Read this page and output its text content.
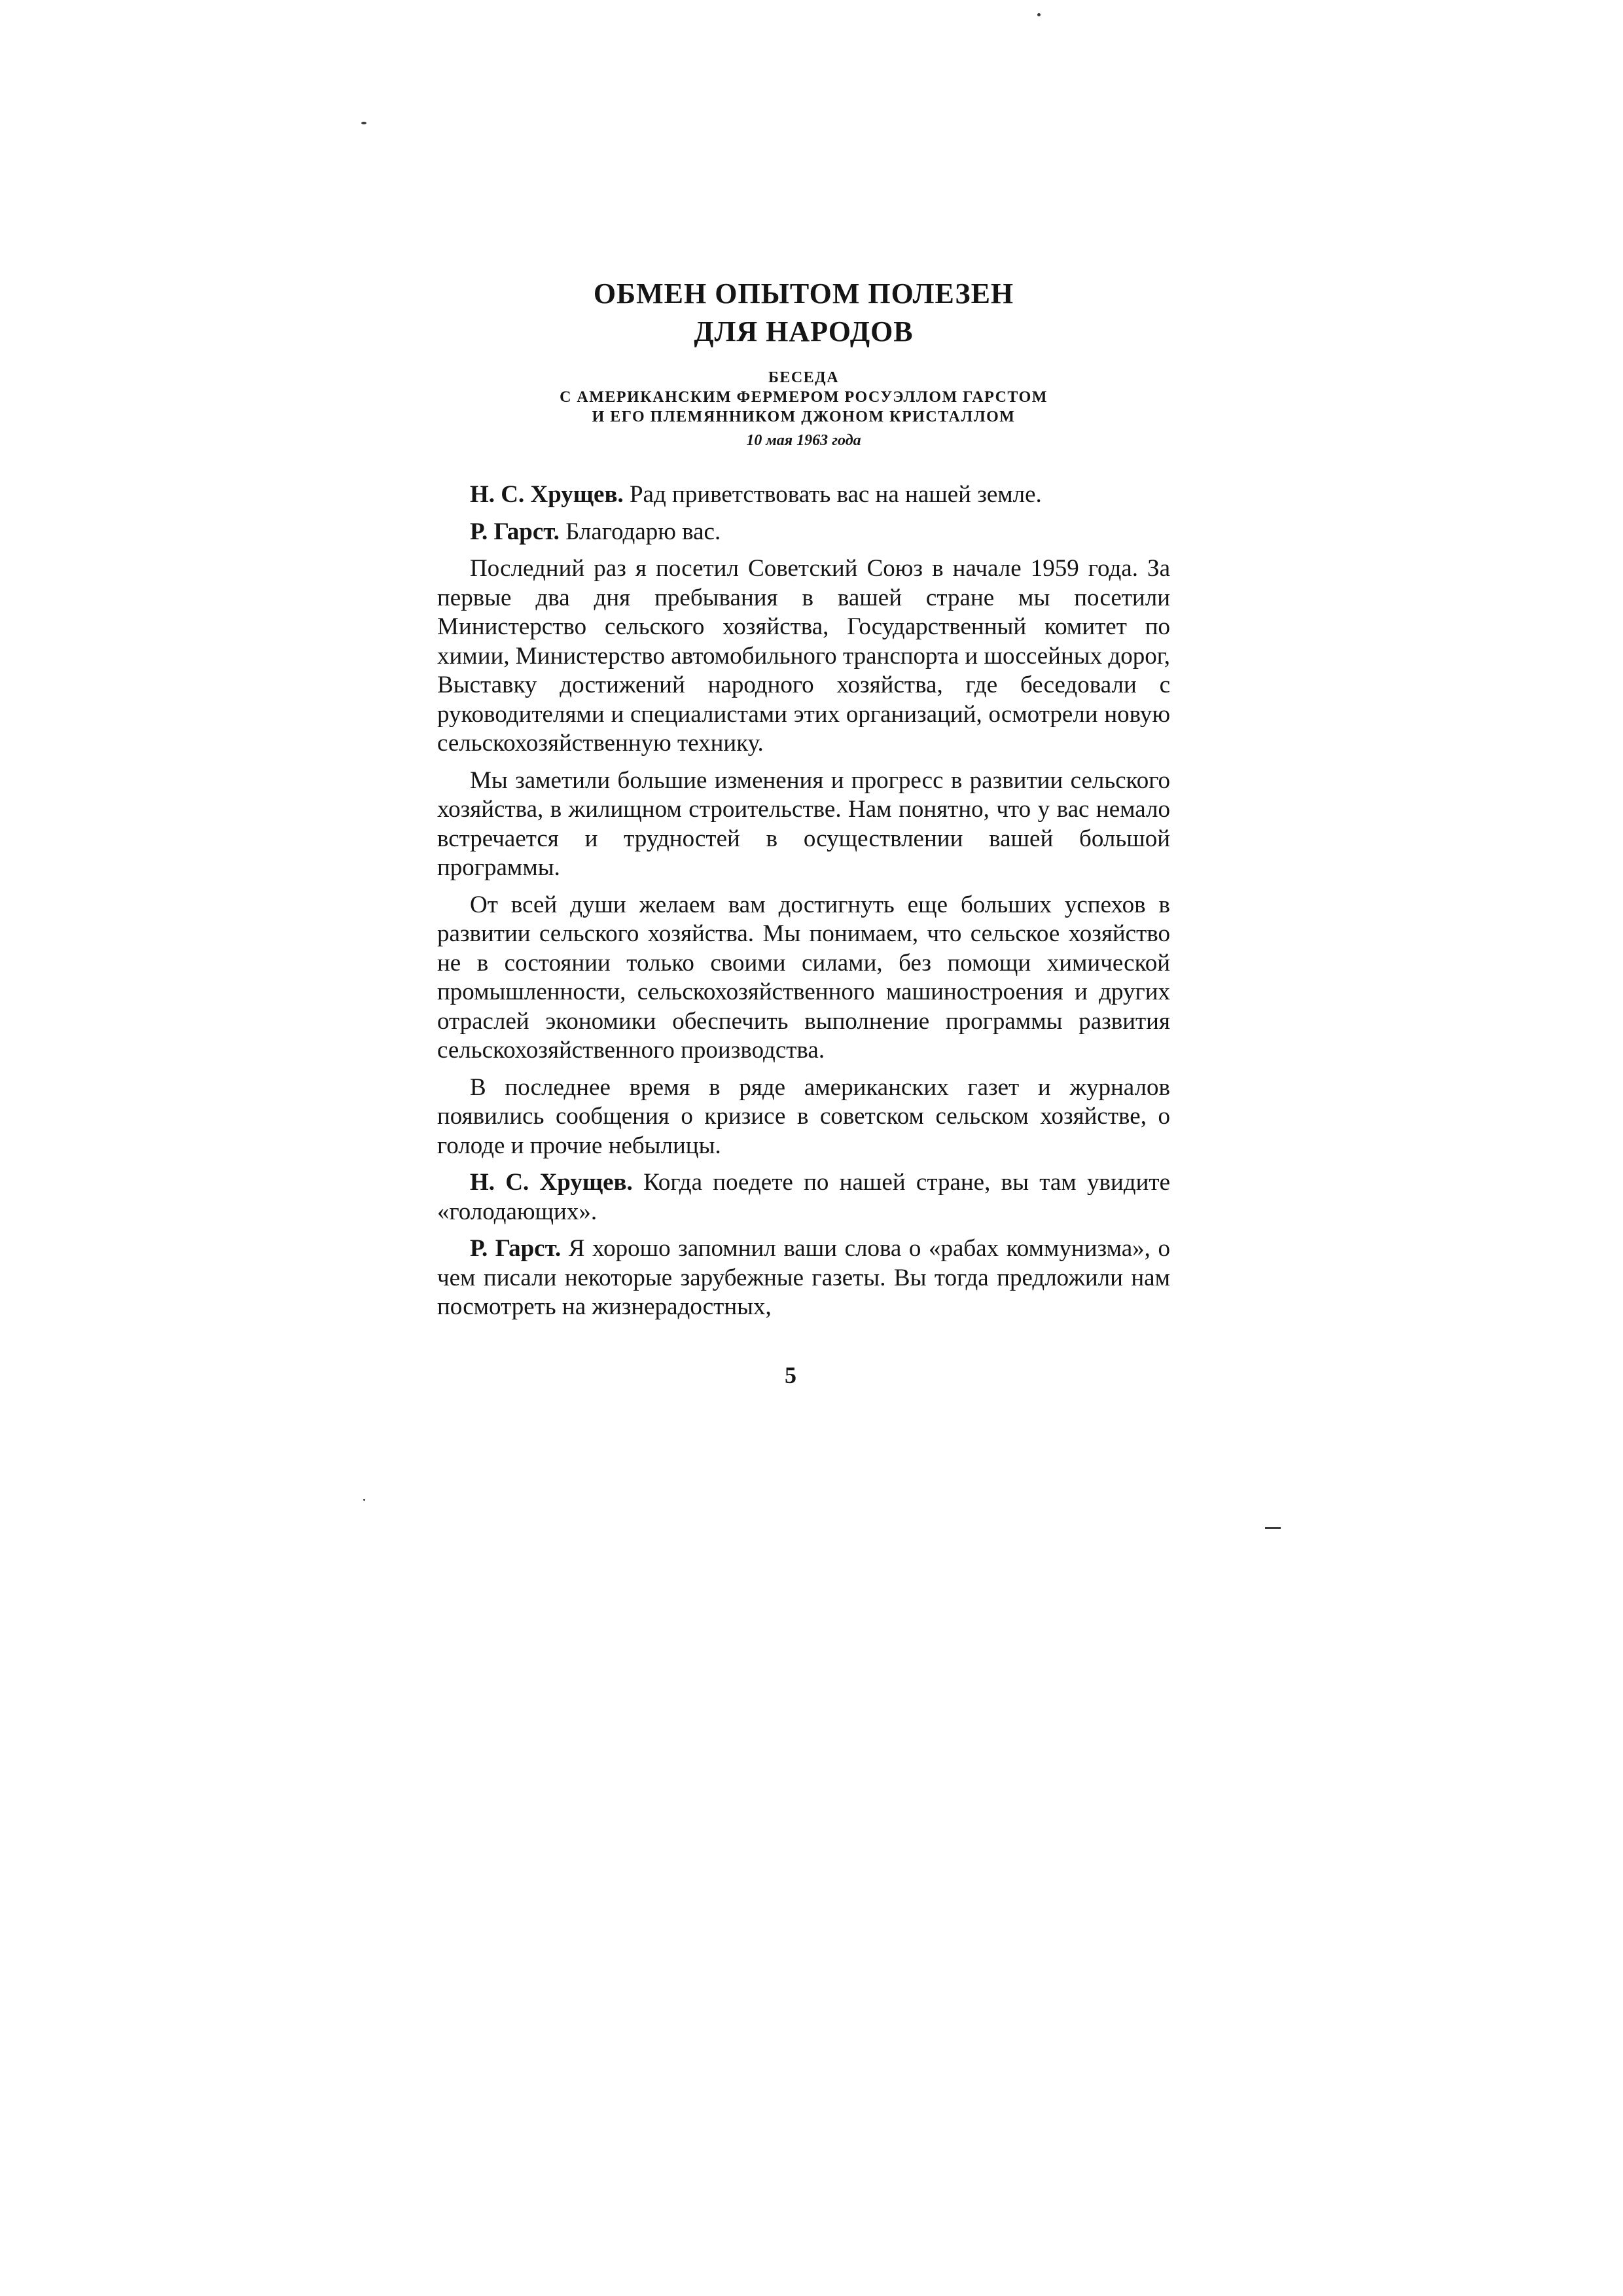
ОБМЕН ОПЫТОМ ПОЛЕЗЕН
ДЛЯ НАРОДОВ
БЕСЕДА
С АМЕРИКАНСКИМ ФЕРМЕРОМ РОСУЭЛЛОМ ГАРСТОМ
И ЕГО ПЛЕМЯННИКОМ ДЖОНОМ КРИСТАЛЛОМ
10 мая 1963 года

Н. С. Хрущев. Рад приветствовать вас на нашей земле.

Р. Гарст. Благодарю вас.

Последний раз я посетил Советский Союз в начале 1959 года. За первые два дня пребывания в вашей стране мы посетили Министерство сельского хозяйства, Государственный комитет по химии, Министерство автомобильного транспорта и шоссейных дорог, Выставку достижений народного хозяйства, где беседовали с руководителями и специалистами этих организаций, осмотрели новую сельскохозяйственную технику.

Мы заметили большие изменения и прогресс в развитии сельского хозяйства, в жилищном строительстве. Нам понятно, что у вас немало встречается и трудностей в осуществлении вашей большой программы.

От всей души желаем вам достигнуть еще больших успехов в развитии сельского хозяйства. Мы понимаем, что сельское хозяйство не в состоянии только своими силами, без помощи химической промышленности, сельскохозяйственного машиностроения и других отраслей экономики обеспечить выполнение программы развития сельскохозяйственного производства.

В последнее время в ряде американских газет и журналов появились сообщения о кризисе в советском сельском хозяйстве, о голоде и прочие небылицы.

Н. С. Хрущев. Когда поедете по нашей стране, вы там увидите «голодающих».

Р. Гарст. Я хорошо запомнил ваши слова о «рабах коммунизма», о чем писали некоторые зарубежные газеты. Вы тогда предложили нам посмотреть на жизнерадостных,

5
